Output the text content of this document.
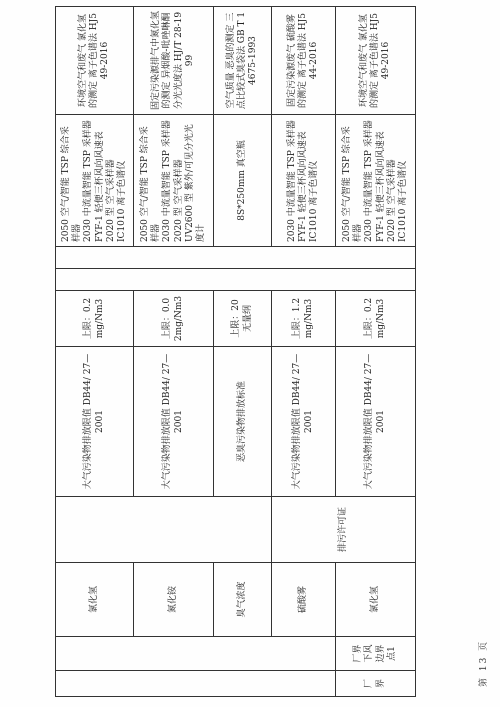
		氯化氢		大气污染物排放限值 DB44/ 27—2001	上限：0.2mg/Nm3			2050 空气/智能 TSP 综合采样器 2030 中流量智能 TSP 采样器 FYF-1 轻便三杯风向风速表 2020 型 空气采样器 IC1010 离子色谱仪	环境空气和废气 氯化氢的测定 离子色谱法 HJ549-2016
		氮化铵		大气污染物排放限值 DB44/ 27—2001	上限：0.02mg/Nm3			2050 空气/智能 TSP 综合采样器 2030 中流量智能 TSP 采样器 2020 型 空气采样器 UV2600 型 紫外/可见分光光度计	固定污染源排气中氮化氢的测定 异烟酸-吡唑啉酮分光光度法 HJ/T 28-1999
		臭气浓度		恶臭污染物排放标准	上限：20 无量纲			8S*250mm 真空瓶	空气质量 恶臭的测定 三点比较式臭袋法 GB T 14675-1993
		硫酸雾	排污许可证	大气污染物排放限值 DB44/ 27—2001	上限：1.2mg/Nm3			2030 中流量智能 TSP 采样器 FYF-1 轻便三杯风向风速表 IC1010 离子色谱仪	固定污染源废气 硫酸雾的测定 离子色谱法 HJ544-2016
厂界	厂界下风边界点1	氯化氢		大气污染物排放限值 DB44/ 27—2001	上限：0.2mg/Nm3			2050 空气/智能 TSP 综合采样器 2030 中流量智能 TSP 采样器 FYF-1 轻便三杯风向风速表 2020 型 空气采样器 IC1010 离子色谱仪	环境空气和废气 氯化氢的测定 离子色谱法 HJ549-2016
第 13 页
